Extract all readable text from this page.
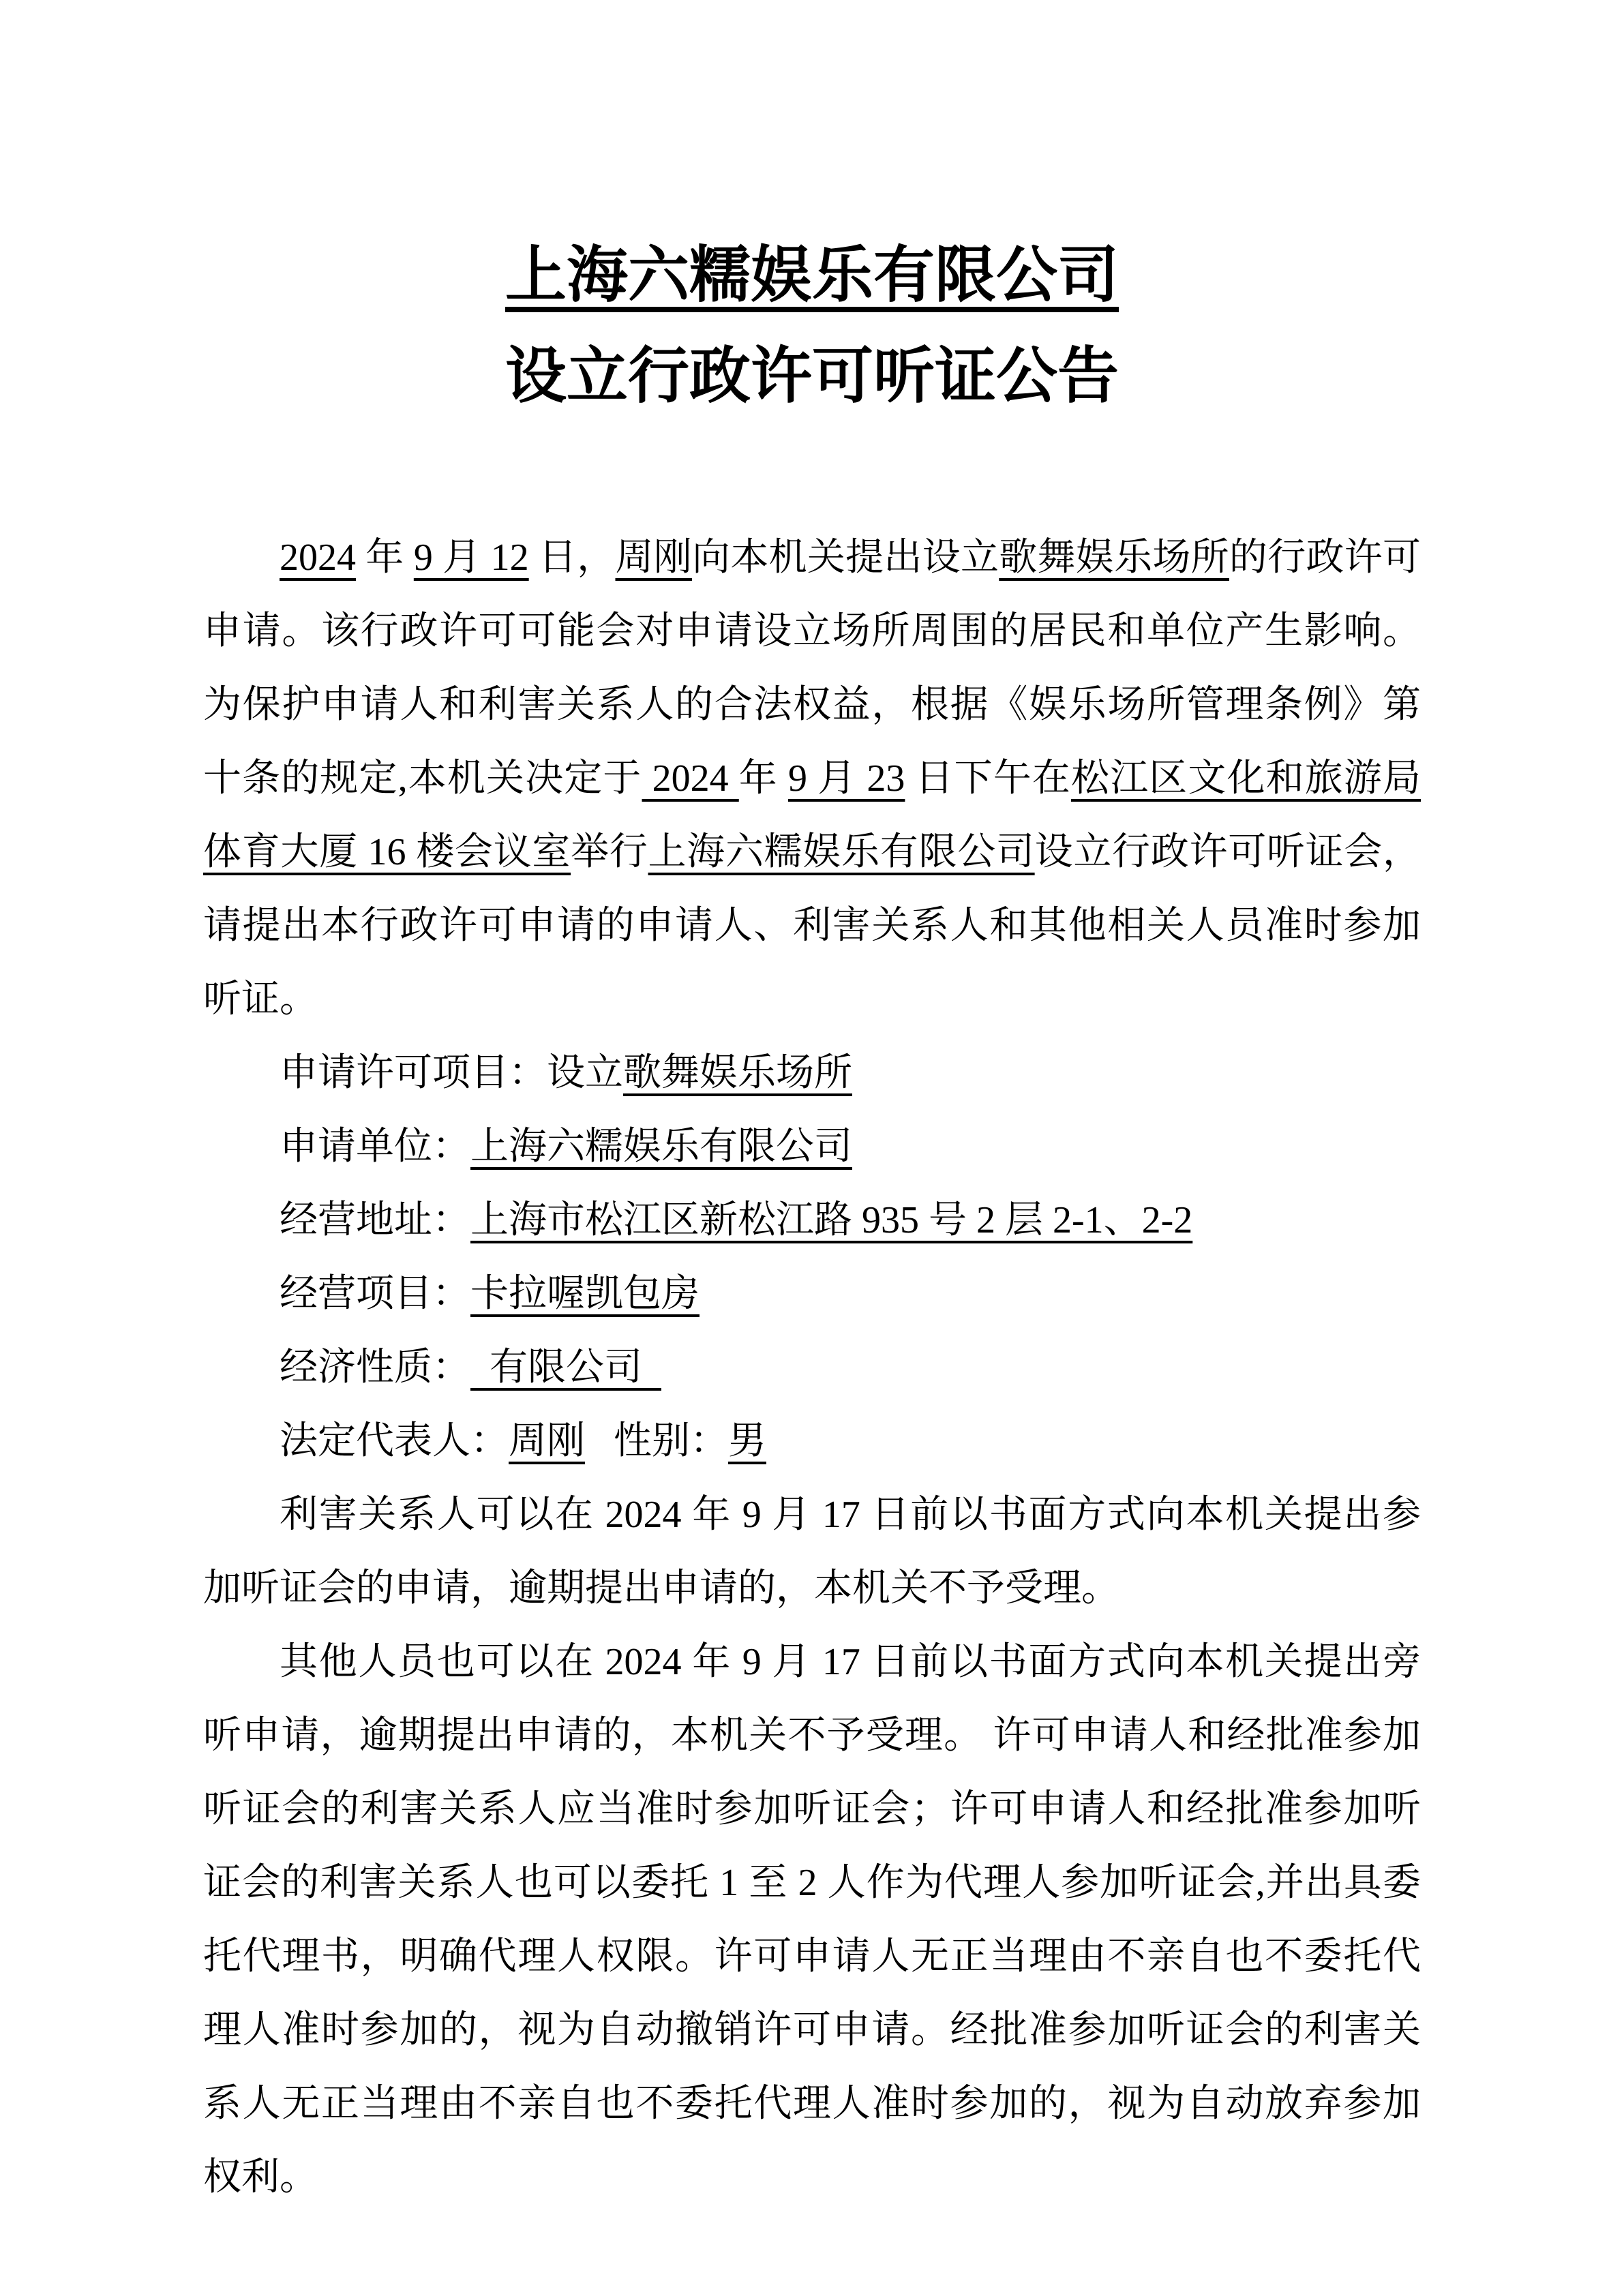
上海六糯娱乐有限公司
设立行政许可听证公告

2024 年 9 月 12 日，周刚向本机关提出设立歌舞娱乐场所的行政许可申请。该行政许可可能会对申请设立场所周围的居民和单位产生影响。为保护申请人和利害关系人的合法权益，根据《娱乐场所管理条例》第十条的规定,本机关决定于 2024 年 9 月 23 日下午在松江区文化和旅游局体育大厦 16 楼会议室举行上海六糯娱乐有限公司设立行政许可听证会，请提出本行政许可申请的申请人、利害关系人和其他相关人员准时参加听证。

申请许可项目：设立歌舞娱乐场所

申请单位：上海六糯娱乐有限公司

经营地址：上海市松江区新松江路 935 号 2 层 2-1、2-2

经营项目：卡拉喔凯包房

经济性质： 有限公司 

法定代表人：周刚  性别：男

利害关系人可以在 2024 年 9 月 17 日前以书面方式向本机关提出参加听证会的申请，逾期提出申请的，本机关不予受理。

其他人员也可以在 2024 年 9 月 17 日前以书面方式向本机关提出旁听申请，逾期提出申请的，本机关不予受理。 许可申请人和经批准参加听证会的利害关系人应当准时参加听证会；许可申请人和经批准参加听证会的利害关系人也可以委托 1 至 2 人作为代理人参加听证会,并出具委托代理书，明确代理人权限。许可申请人无正当理由不亲自也不委托代理人准时参加的，视为自动撤销许可申请。经批准参加听证会的利害关系人无正当理由不亲自也不委托代理人准时参加的，视为自动放弃参加权利。
